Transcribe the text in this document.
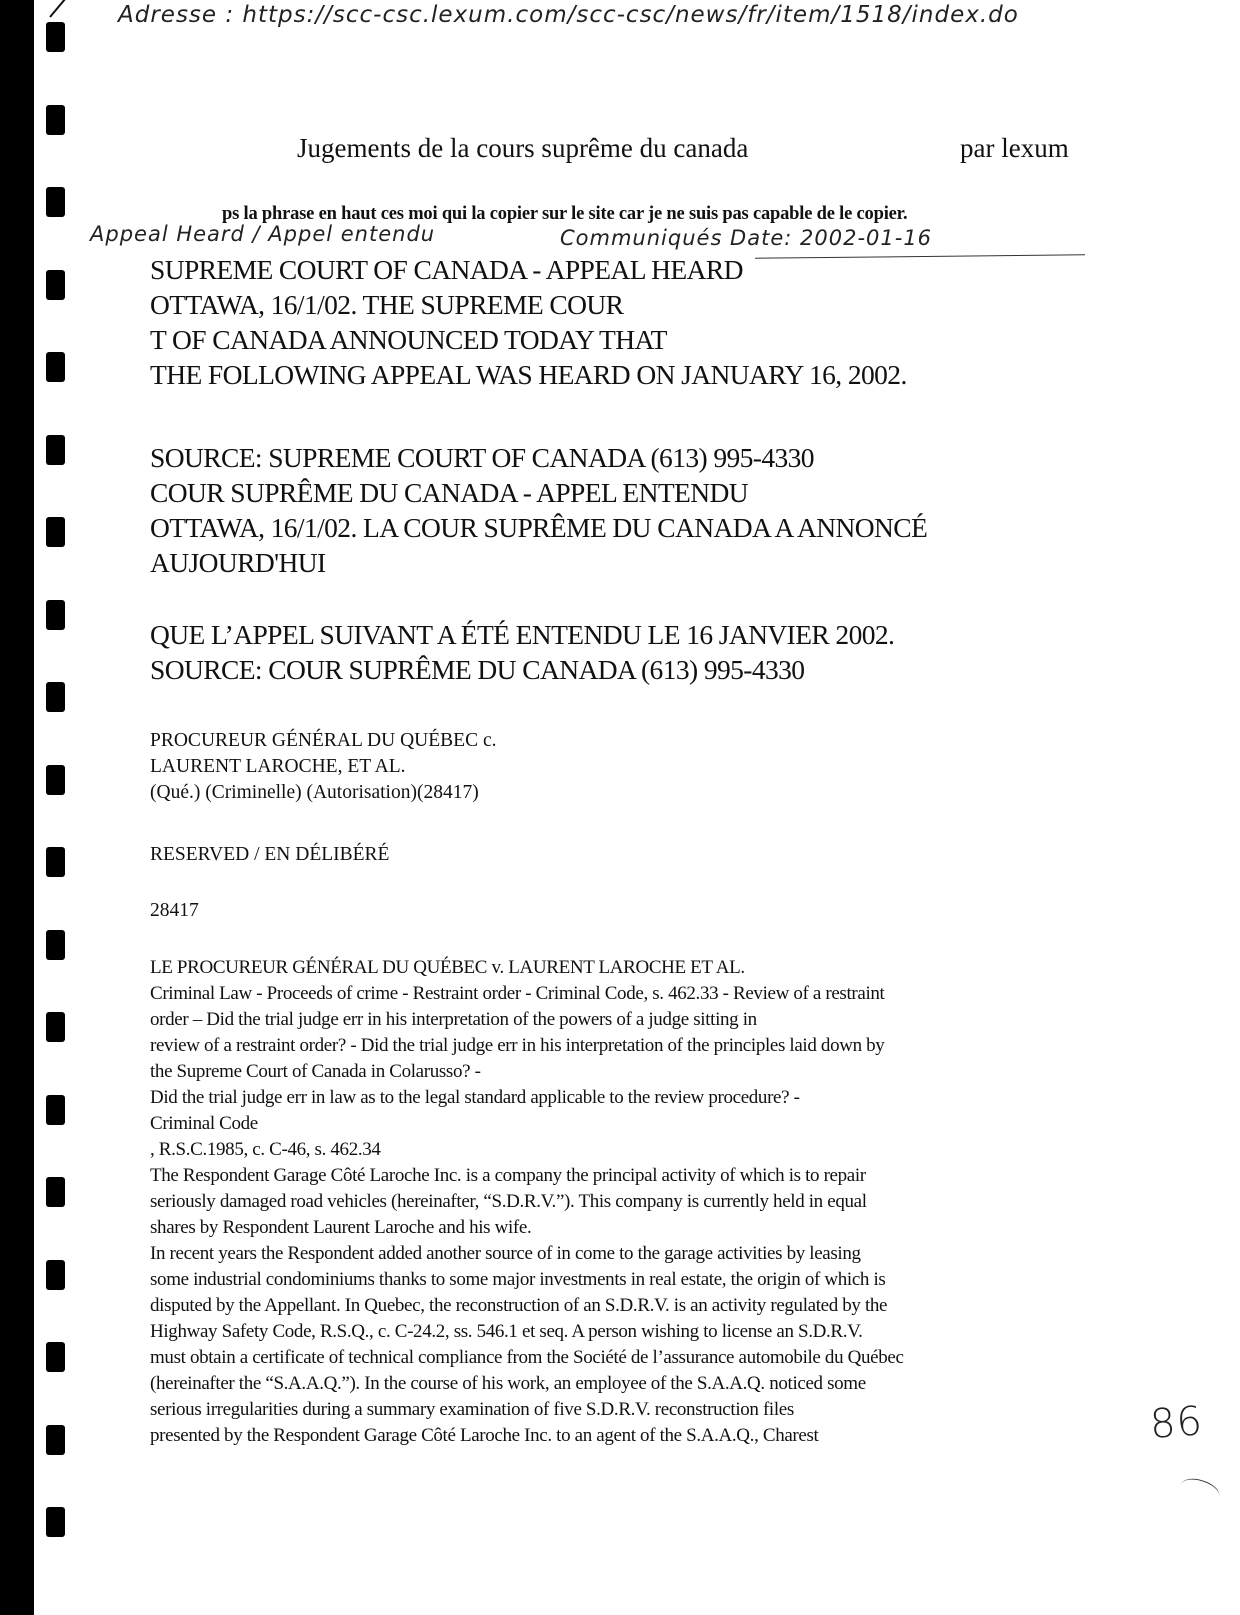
Adresse : https://scc-csc.lexum.com/scc-csc/news/fr/item/1518/index.do
Jugements de la cours suprême du canada	par lexum
ps la phrase en haut ces moi qui la copier sur le site car je ne suis pas capable de le copier.
Appeal Heard / Appel entendu	Communiqués Date: 2002-01-16
SUPREME COURT OF CANADA - APPEAL HEARD
OTTAWA, 16/1/02. THE SUPREME COUR
T OF CANADA ANNOUNCED TODAY THAT
THE FOLLOWING APPEAL WAS HEARD ON JANUARY 16, 2002.
SOURCE: SUPREME COURT OF CANADA (613) 995-4330
COUR SUPRÊME DU CANADA - APPEL ENTENDU
OTTAWA, 16/1/02. LA COUR SUPRÊME DU CANADA A ANNONCÉ
AUJOURD'HUI
QUE L’APPEL SUIVANT A ÉTÉ ENTENDU LE 16 JANVIER 2002.
SOURCE: COUR SUPRÊME DU CANADA (613) 995-4330
PROCUREUR GÉNÉRAL DU QUÉBEC c.
LAURENT LAROCHE, ET AL.
(Qué.) (Criminelle) (Autorisation)(28417)
RESERVED / EN DÉLIBÉRÉ
28417
LE PROCUREUR GÉNÉRAL DU QUÉBEC v. LAURENT LAROCHE ET AL.
Criminal Law - Proceeds of crime - Restraint order - Criminal Code, s. 462.33 - Review of a restraint
order – Did the trial judge err in his interpretation of the powers of a judge sitting in
review of a restraint order? - Did the trial judge err in his interpretation of the principles laid down by
the Supreme Court of Canada in Colarusso? -
Did the trial judge err in law as to the legal standard applicable to the review procedure? -
Criminal Code
, R.S.C.1985, c. C-46, s. 462.34
The Respondent Garage Côté Laroche Inc. is a company the principal activity of which is to repair
seriously damaged road vehicles (hereinafter, “S.D.R.V.”). This company is currently held in equal
shares by Respondent Laurent Laroche and his wife.
In recent years the Respondent added another source of in come to the garage activities by leasing
some industrial condominiums thanks to some major investments in real estate, the origin of which is
disputed by the Appellant. In Quebec, the reconstruction of an S.D.R.V. is an activity regulated by the
Highway Safety Code, R.S.Q., c. C-24.2, ss. 546.1 et seq. A person wishing to license an S.D.R.V.
must obtain a certificate of technical compliance from the Société de l’assurance automobile du Québec
(hereinafter the “S.A.A.Q.”). In the course of his work, an employee of the S.A.A.Q. noticed some
serious irregularities during a summary examination of five S.D.R.V. reconstruction files
presented by the Respondent Garage Côté Laroche Inc. to an agent of the S.A.A.Q., Charest	86
